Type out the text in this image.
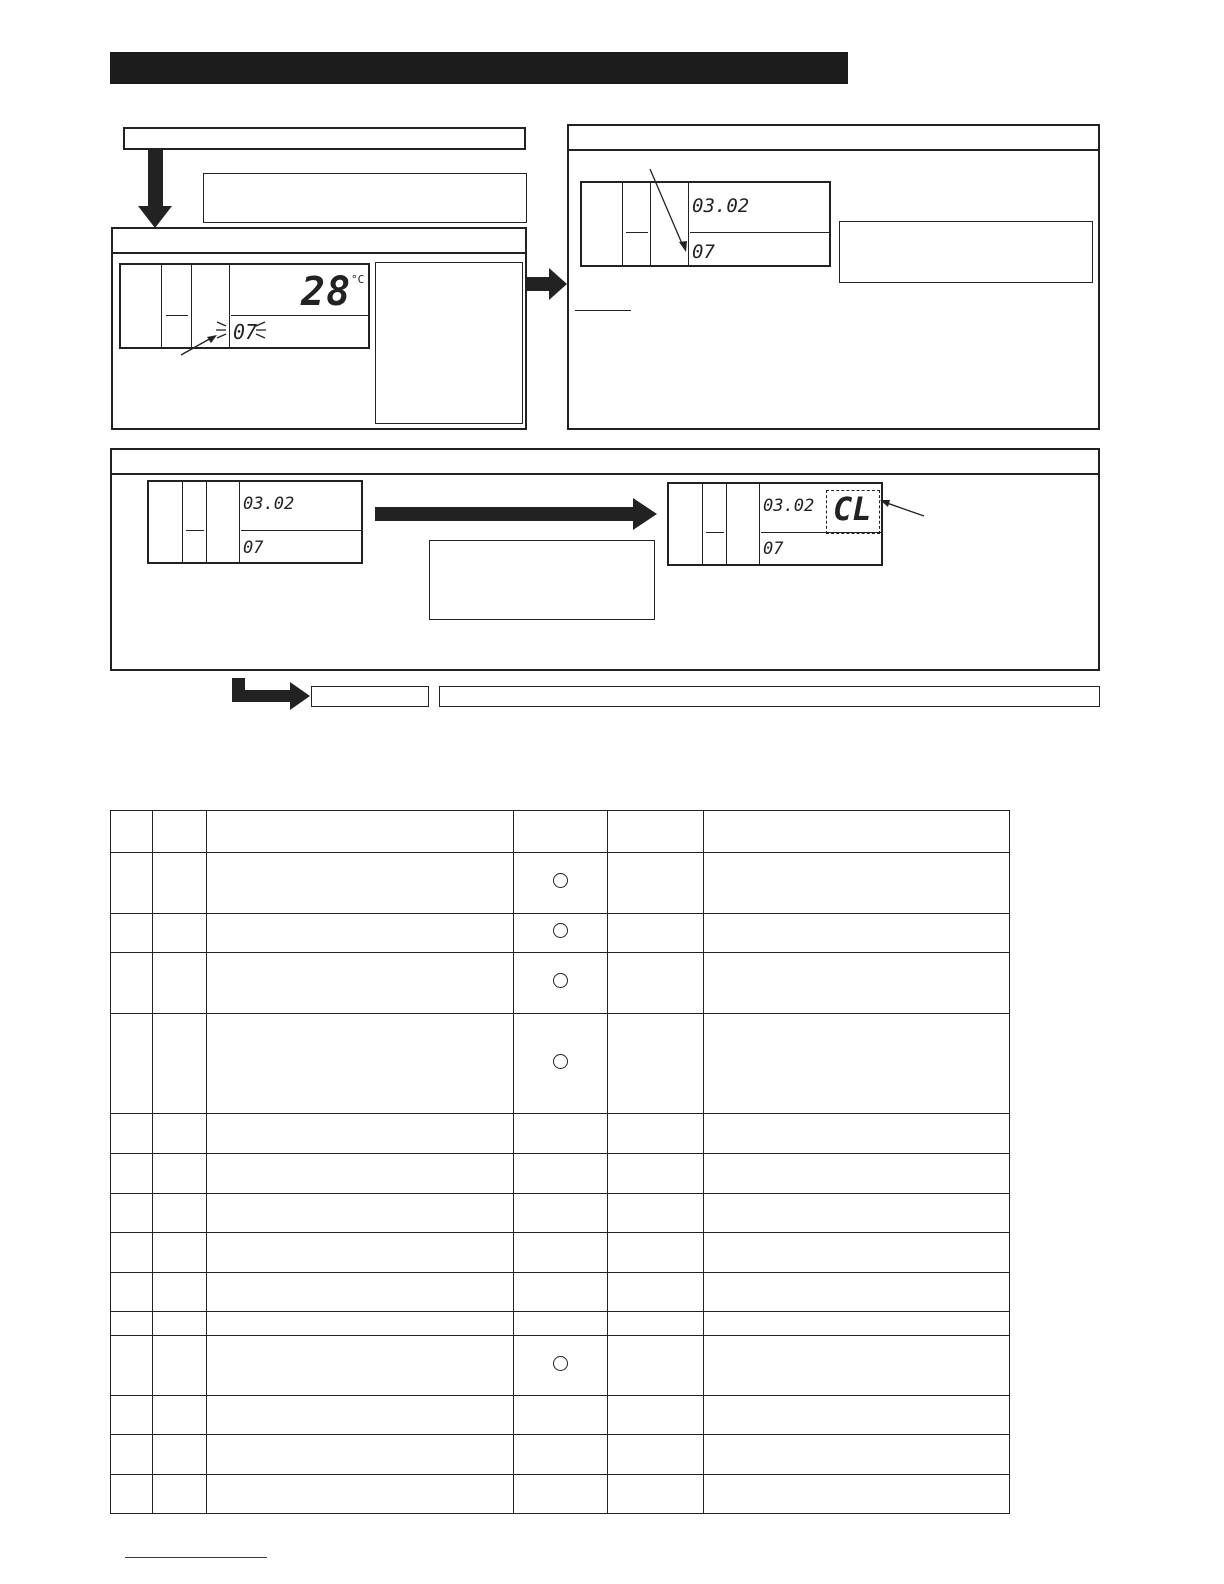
28 °C
07
03.02
07
03.02
07
03.02
07
CL
